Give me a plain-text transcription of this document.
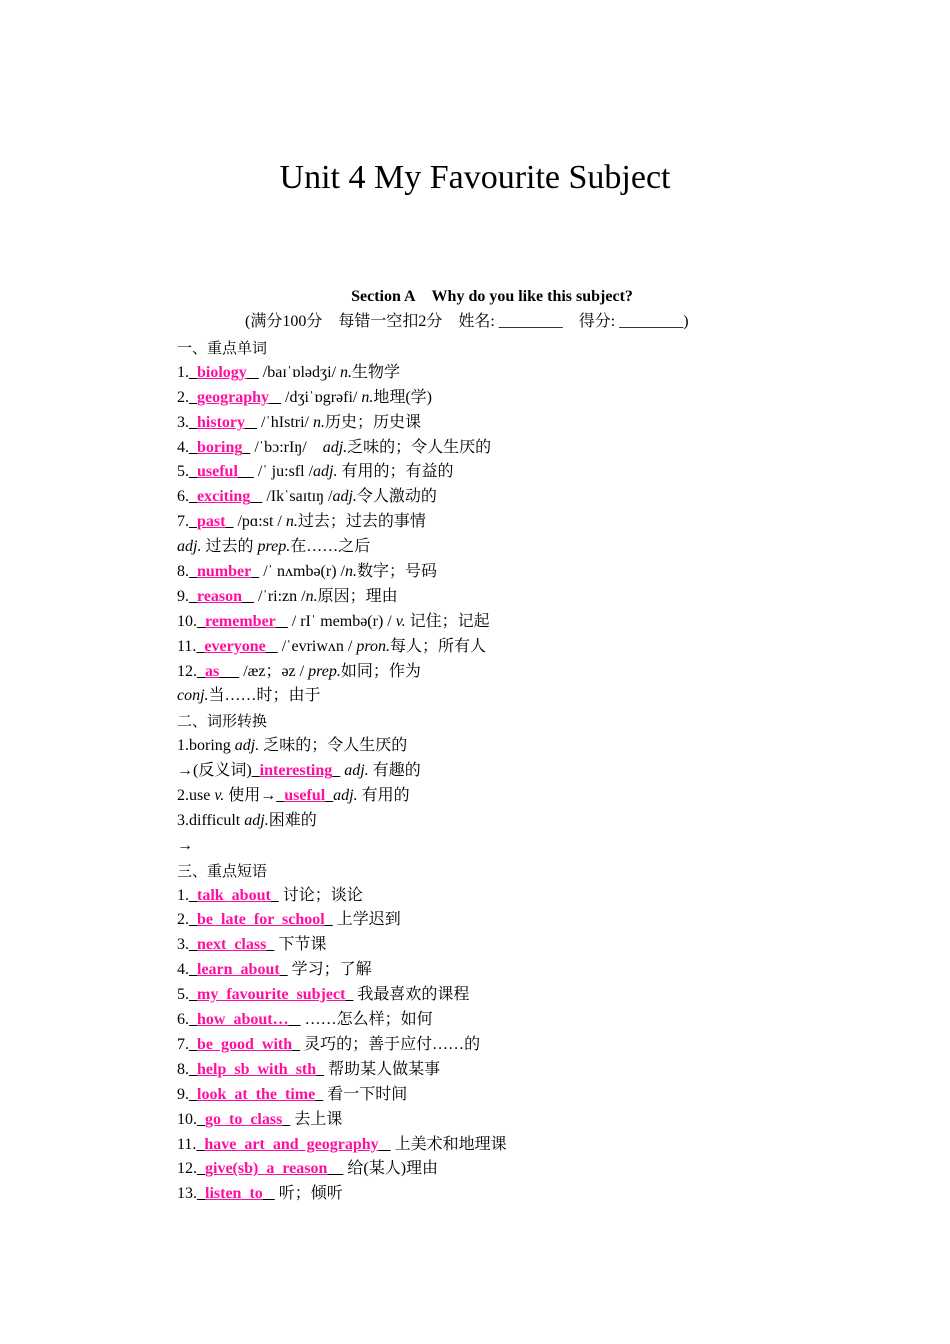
Unit 4 My Favourite Subject
Section A Why do you like this subject?
(满分100分　每错一空扣2分　姓名: ________　得分: ________)
一、重点单词
1. biology    /baɪˈɒlədʒi/ n.生物学
2. geography    /dʒiˈɒgrəfi/ n.地理(学)
3. history    /ˈhIstri/ n.历史；历史课
4. boring   /ˈbɔ:rIŋ/ adj.乏味的；令人生厌的
5. useful     /ˈ ju:sfl /adj. 有用的；有益的
6. exciting    /Ikˈsaɪtɪŋ /adj.令人激动的
7. past   /pɑ:st / n.过去；过去的事情
adj. 过去的 prep.在……之后
8. number   /ˈ nʌmbə(r) /n.数字；号码
9. reason    /ˈri:zn /n.原因；理由
10. remember    / rIˈ membə(r) / v. 记住；记起
11. everyone    /ˈevriwʌn / pron.每人；所有人
12. as      /æz；əz / prep.如同；作为
conj.当……时；由于
二、词形转换
1.boring adj. 乏味的；令人生厌的
→(反义词) interesting adj. 有趣的
2.use v. 使用→ useful adj. 有用的
3.difficult adj.困难的
→
三、重点短语
1. talk  about   讨论；谈论
2. be  late  for  school   上学迟到
3. next  class   下节课
4. learn  about   学习；了解
5. my  favourite  subject   我最喜欢的课程
6. how  about…    ……怎么样；如何
7. be  good  with   灵巧的；善于应付……的
8. help  sb  with  sth   帮助某人做某事
9. look  at  the  time   看一下时间
10. go  to  class   去上课
11. have  art  and  geography    上美术和地理课
12. give(sb)  a  reason     给(某人)理由
13. listen  to    听；倾听
